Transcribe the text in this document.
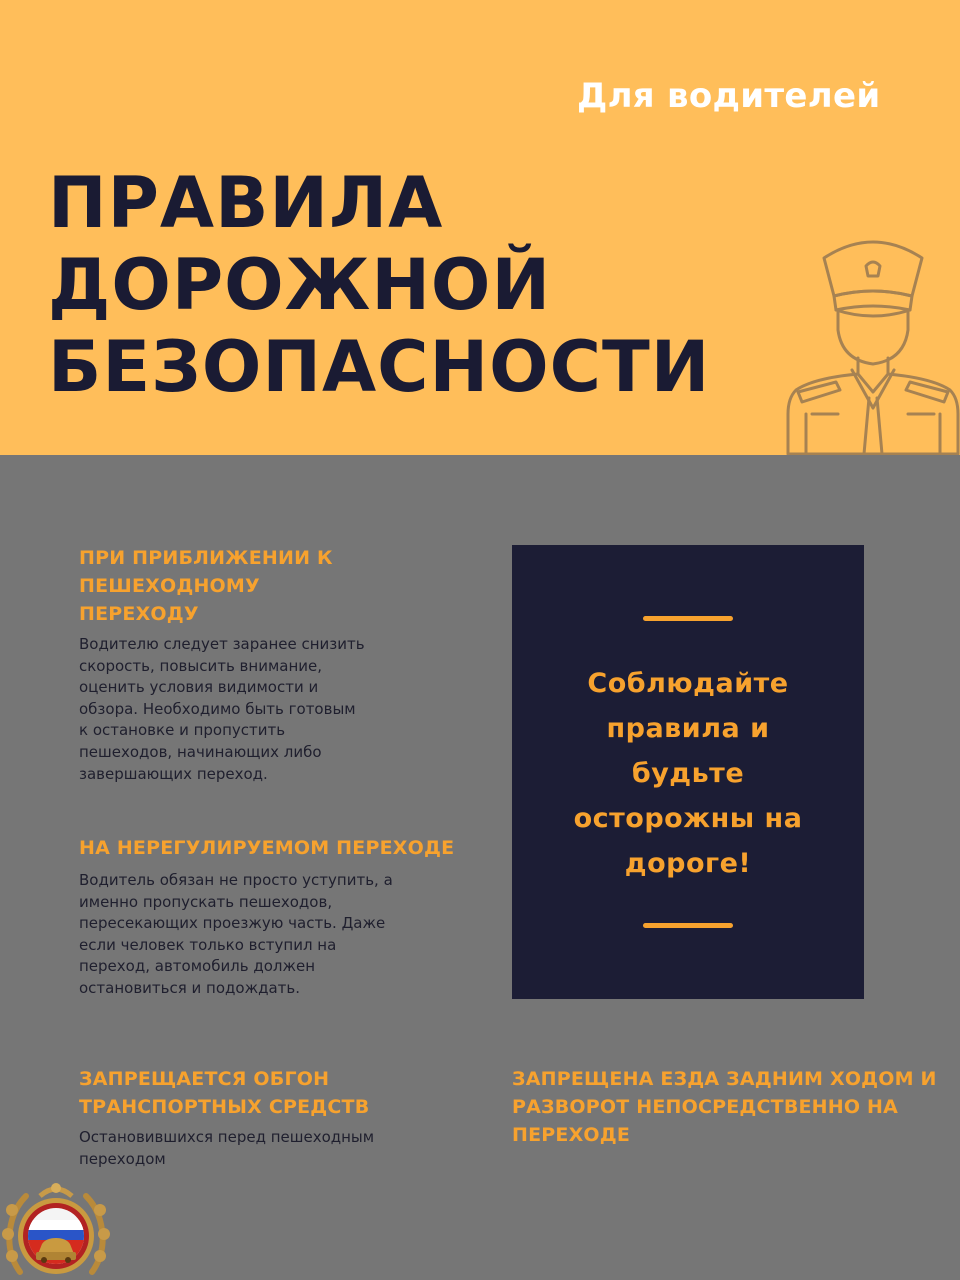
Для водителей
ПРАВИЛА
ДОРОЖНОЙ
БЕЗОПАСНОСТИ
ПРИ ПРИБЛИЖЕНИИ К
ПЕШЕХОДНОМУ
ПЕРЕХОДУ
Водителю следует заранее снизить
скорость, повысить внимание,
оценить условия видимости и
обзора. Необходимо быть готовым
к остановке и пропустить
пешеходов, начинающих либо
завершающих переход.
НА НЕРЕГУЛИРУЕМОМ ПЕРЕХОДЕ
Водитель обязан не просто уступить, а
именно пропускать пешеходов,
пересекающих проезжую часть. Даже
если человек только вступил на
переход, автомобиль должен
остановиться и подождать.
ЗАПРЕЩАЕТСЯ ОБГОН
ТРАНСПОРТНЫХ СРЕДСТВ
Остановившихся перед пешеходным
переходом
ЗАПРЕЩЕНА ЕЗДА ЗАДНИМ ХОДОМ И
РАЗВОРОТ НЕПОСРЕДСТВЕННО НА
ПЕРЕХОДЕ
Соблюдайте
правила и
будьте
осторожны на
дороге!
